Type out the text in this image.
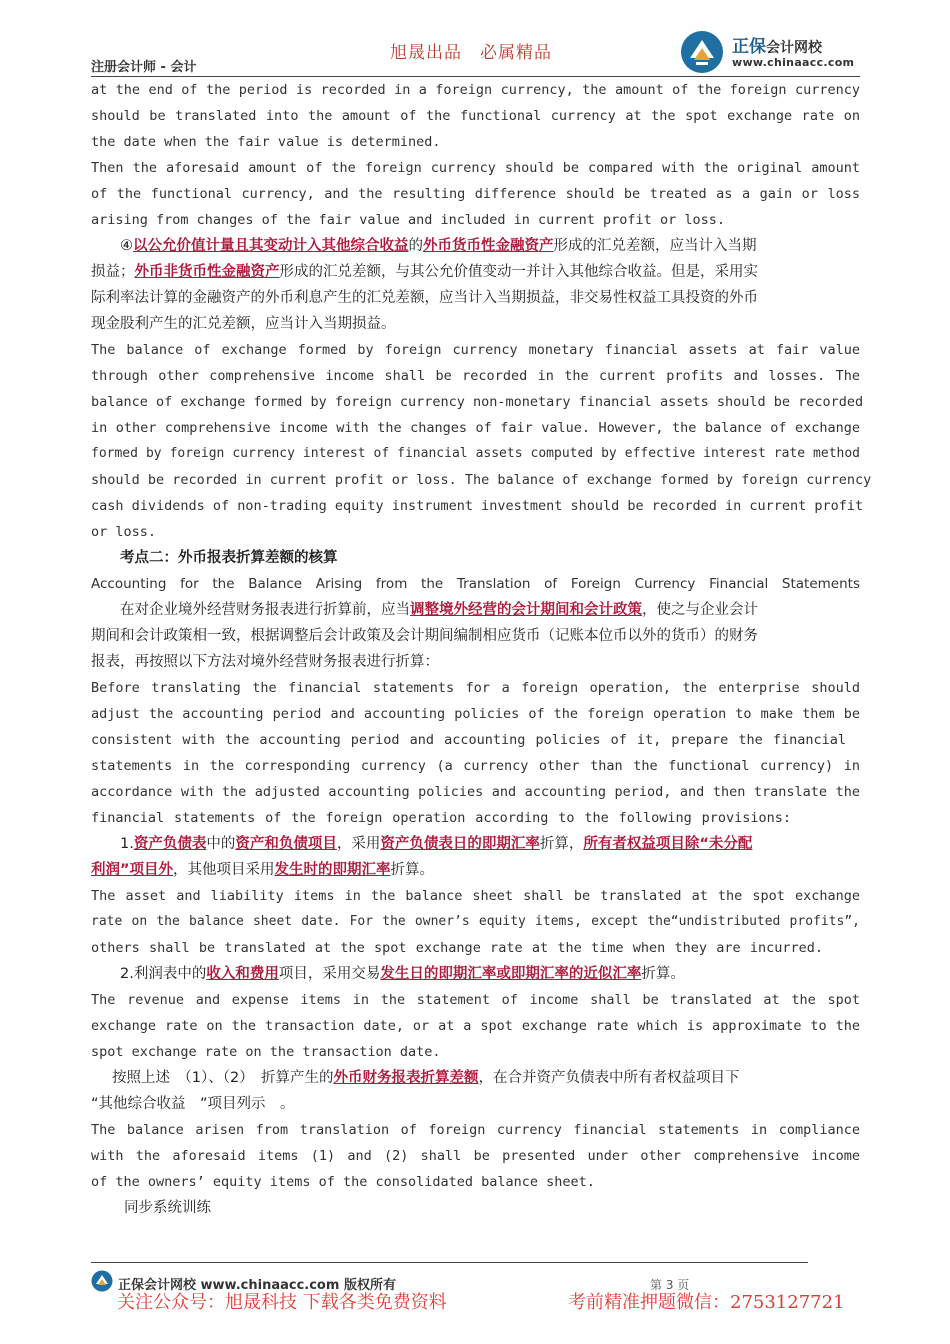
注册会计师 - 会计
旭晟出品　必属精品	正保会计网校
www.chinaacc.com
at the end of the period is recorded in a foreign currency, the amount of the foreign currency
should be translated into the amount of the functional currency at the spot exchange rate on
the date when the fair value is determined.
Then the aforesaid amount of the foreign currency should be compared with the original amount
of the functional currency, and the resulting difference should be treated as a gain or loss
arising from changes of the fair value and included in current profit or loss.
④以公允价值计量且其变动计入其他综合收益的外币货币性金融资产形成的汇兑差额，应当计入当期
损益；外币非货币性金融资产形成的汇兑差额，与其公允价值变动一并计入其他综合收益。但是，采用实
际利率法计算的金融资产的外币利息产生的汇兑差额，应当计入当期损益，非交易性权益工具投资的外币
现金股利产生的汇兑差额，应当计入当期损益。
The balance of exchange formed by foreign currency monetary financial assets at fair value
through other comprehensive income shall be recorded in the current profits and losses. The
balance of exchange formed by foreign currency non-monetary financial assets should be recorded
in other comprehensive income with the changes of fair value. However, the balance of exchange
formed by foreign currency interest of financial assets computed by effective interest rate method
should be recorded in current profit or loss. The balance of exchange formed by foreign currency
cash dividends of non-trading equity instrument investment should be recorded in current profit
or loss.
考点二：外币报表折算差额的核算
Accounting for the Balance Arising from the Translation of Foreign Currency Financial Statements
在对企业境外经营财务报表进行折算前，应当调整境外经营的会计期间和会计政策，使之与企业会计
期间和会计政策相一致，根据调整后会计政策及会计期间编制相应货币（记账本位币以外的货币）的财务
报表，再按照以下方法对境外经营财务报表进行折算：
Before translating the financial statements for a foreign operation, the enterprise should
adjust the accounting period and accounting policies of the foreign operation to make them be
consistent with the accounting period and accounting policies of it, prepare the financial
statements in the corresponding currency (a currency other than the functional currency) in
accordance with the adjusted accounting policies and accounting period, and then translate the
financial statements of the foreign operation according to the following provisions:
1.资产负债表中的资产和负债项目，采用资产负债表日的即期汇率折算，所有者权益项目除“未分配
利润”项目外，其他项目采用发生时的即期汇率折算。
The asset and liability items in the balance sheet shall be translated at the spot exchange
rate on the balance sheet date. For the owner’s equity items, except the“undistributed profits”,
others shall be translated at the spot exchange rate at the time when they are incurred.
2.利润表中的收入和费用项目，采用交易发生日的即期汇率或即期汇率的近似汇率折算。
The revenue and expense items in the statement of income shall be translated at the spot
exchange rate on the transaction date, or at a spot exchange rate which is approximate to the
spot exchange rate on the transaction date.
按照上述　（1）、（2）　折算产生的外币财务报表折算差额，在合并资产负债表中所有者权益项目下
“其他综合收益　”项目列示　。
The balance arisen from translation of foreign currency financial statements in compliance
with the aforesaid items (1) and (2) shall be presented under other comprehensive income
of the owners’ equity items of the consolidated balance sheet.
同步系统训练
正保会计网校 www.chinaacc.com 版权所有	第 3 页
关注公众号：旭晟科技 下载各类免费资料	考前精准押题微信：2753127721
